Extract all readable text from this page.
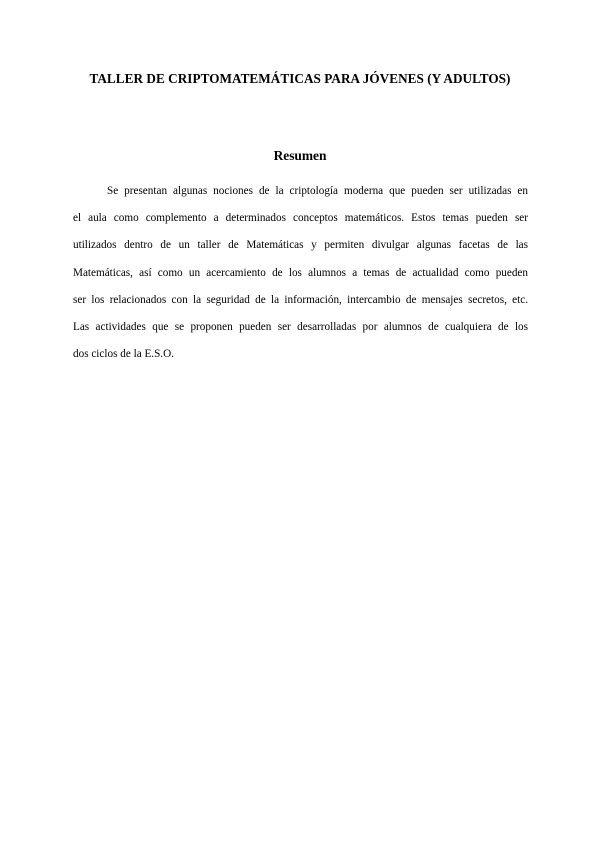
TALLER DE CRIPTOMATEMÁTICAS PARA JÓVENES (Y ADULTOS)
Resumen
Se presentan algunas nociones de la criptología moderna que pueden ser utilizadas en
el aula como complemento a determinados conceptos matemáticos. Estos temas pueden ser
utilizados dentro de un taller de Matemáticas y permiten divulgar algunas facetas de las
Matemáticas, así como un acercamiento de los alumnos a temas de actualidad como pueden
ser los relacionados con la seguridad de la información, intercambio de mensajes secretos, etc.
Las actividades que se proponen pueden ser desarrolladas por alumnos de cualquiera de los
dos ciclos de la E.S.O.
